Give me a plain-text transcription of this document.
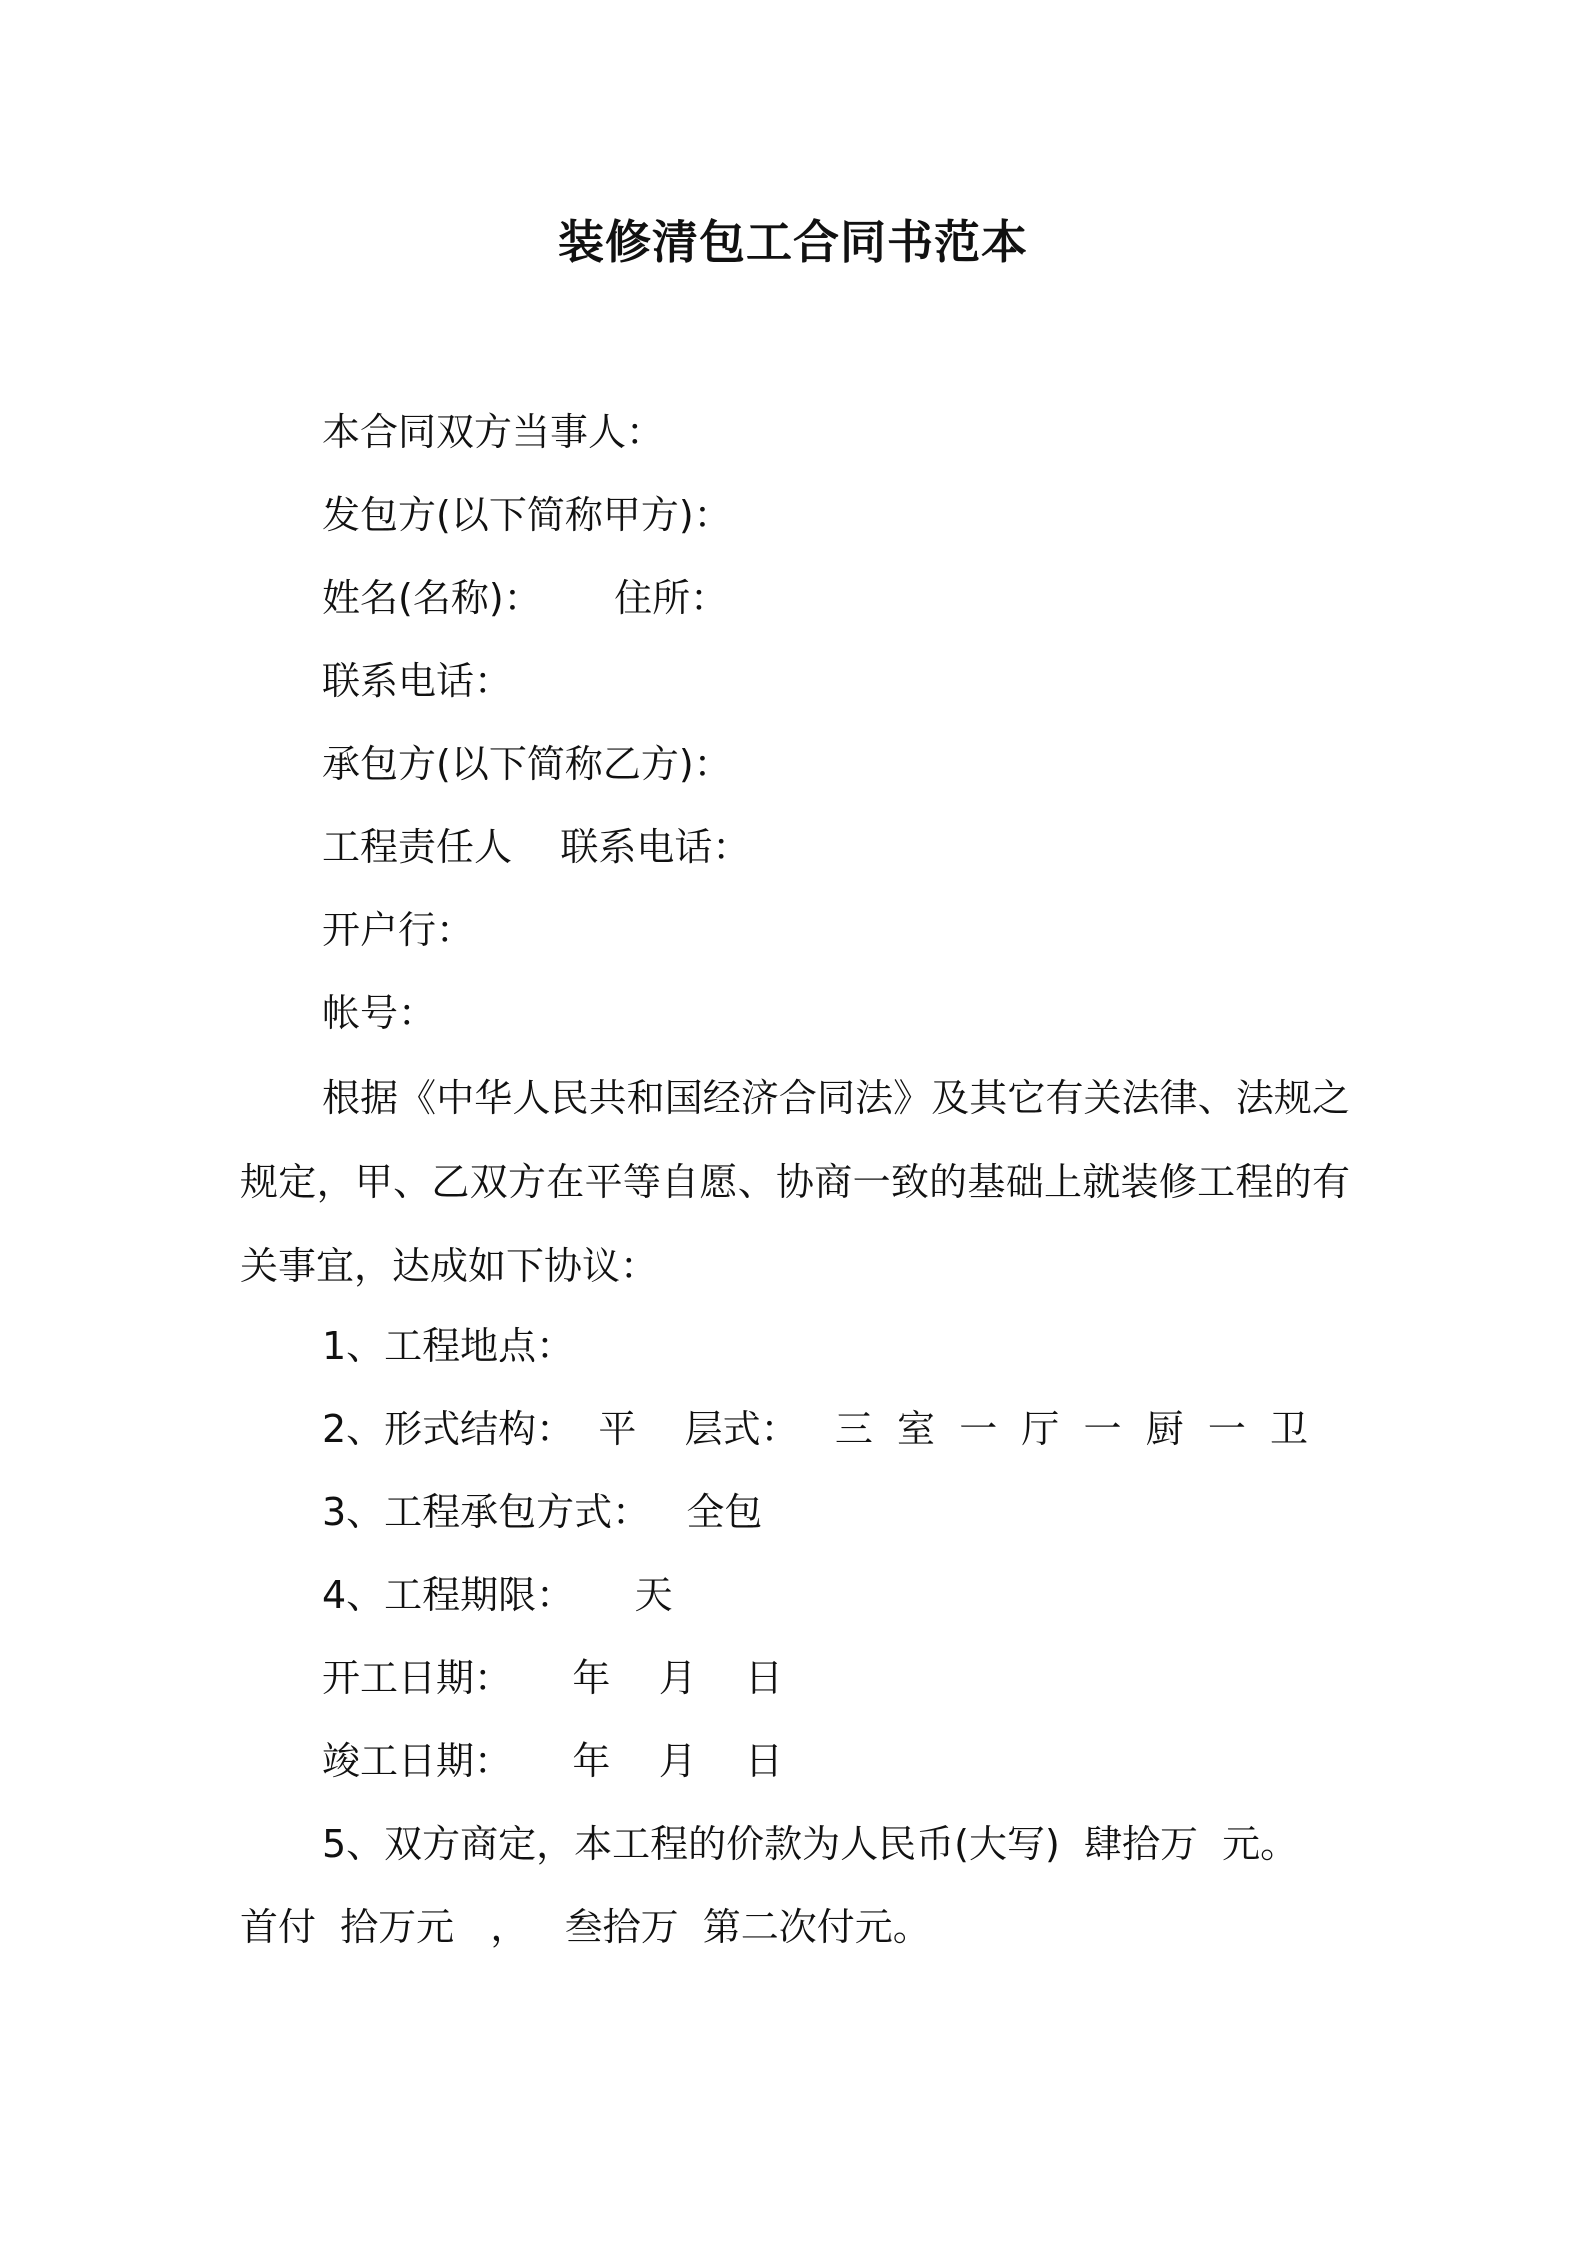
装修清包工合同书范本
本合同双方当事人：
发包方(以下简称甲方)：
姓名(名称)：      住所：
联系电话：
承包方(以下简称乙方)：
工程责任人    联系电话：
开户行：
帐号：
根据《中华人民共和国经济合同法》及其它有关法律、法规之规定，甲、乙双方在平等自愿、协商一致的基础上就装修工程的有关事宜，达成如下协议：
1、工程地点：
2、形式结构：  平    层式：   三  室  一  厅  一  厨  一  卫
3、工程承包方式：   全包
4、工程期限：     天
开工日期：     年    月    日
竣工日期：     年    月    日
5、双方商定，本工程的价款为人民币(大写)  肆拾万  元。
首付  拾万元   ，   叁拾万  第二次付元。
